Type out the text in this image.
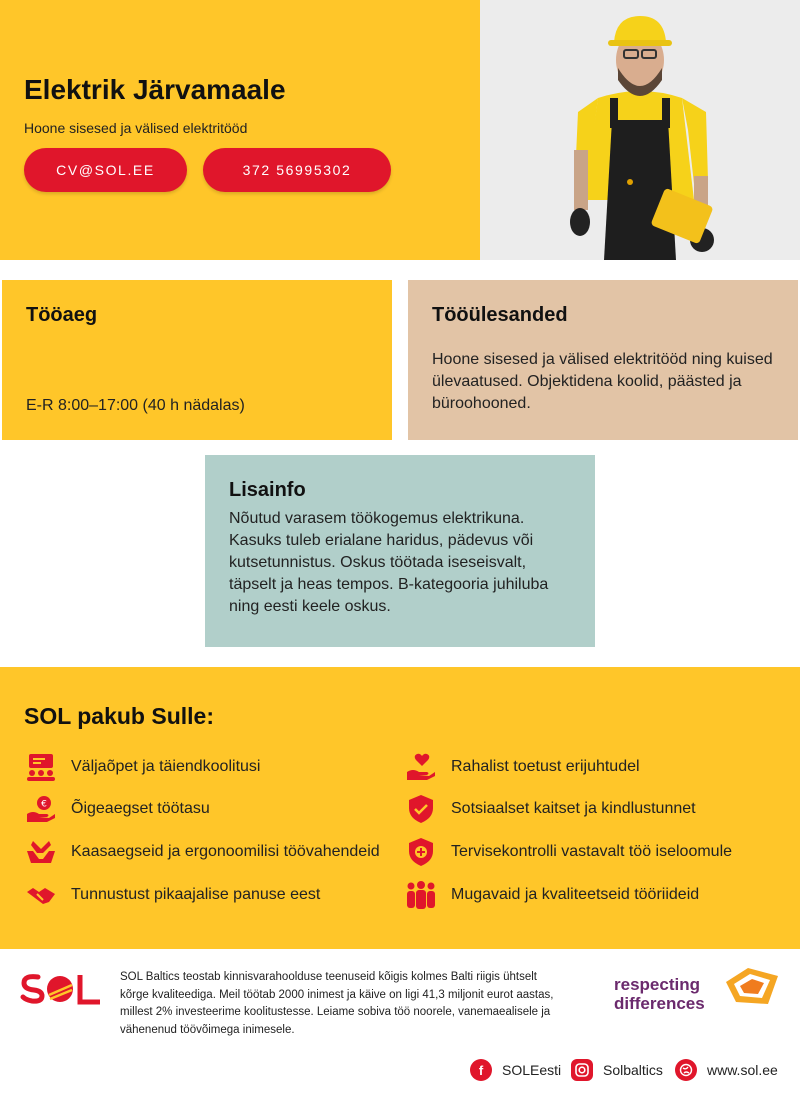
Elektrik Järvamaale
Hoone sisesed ja välised elektritööd
CV@SOL.EE	372 56995302
Tööaeg

E-R 8:00–17:00 (40 h nädalas)

Tööülesanded

Hoone sisesed ja välised elektritööd ning kuised ülevaatused. Objektidena koolid, päästed ja büroohooned.

Lisainfo

Nõutud varasem töökogemus elektrikuna. Kasuks tuleb erialane haridus, pädevus või kutsetunnistus. Oskus töötada iseseisvalt, täpselt ja heas tempos. B-kategooria juhiluba ning eesti keele oskus.

SOL pakub Sulle:
Väljaõpet ja täiendkoolitusi
€ Õigeaegset töötasu
Kaasaegseid ja ergonoomilisi töövahendeid
Tunnustust pikaajalise panuse eest
Rahalist toetust erijuhtudel
Sotsiaalset kaitset ja kindlustunnet
Tervisekontrolli vastavalt töö iseloomule
Mugavaid ja kvaliteetseid tööriideid

SOL Baltics teostab kinnisvarahoolduse teenuseid kõigis kolmes Balti riigis ühtselt kõrge kvaliteediga. Meil töötab 2000 inimest ja käive on ligi 41,3 miljonit eurot aastas, millest 2% investeerime koolitustesse. Leiame sobiva töö noorele, vanemaealisele ja vähenenud töövõimega inimesele.

respecting
differences
f	SOLEesti	Solbaltics	www.sol.ee
